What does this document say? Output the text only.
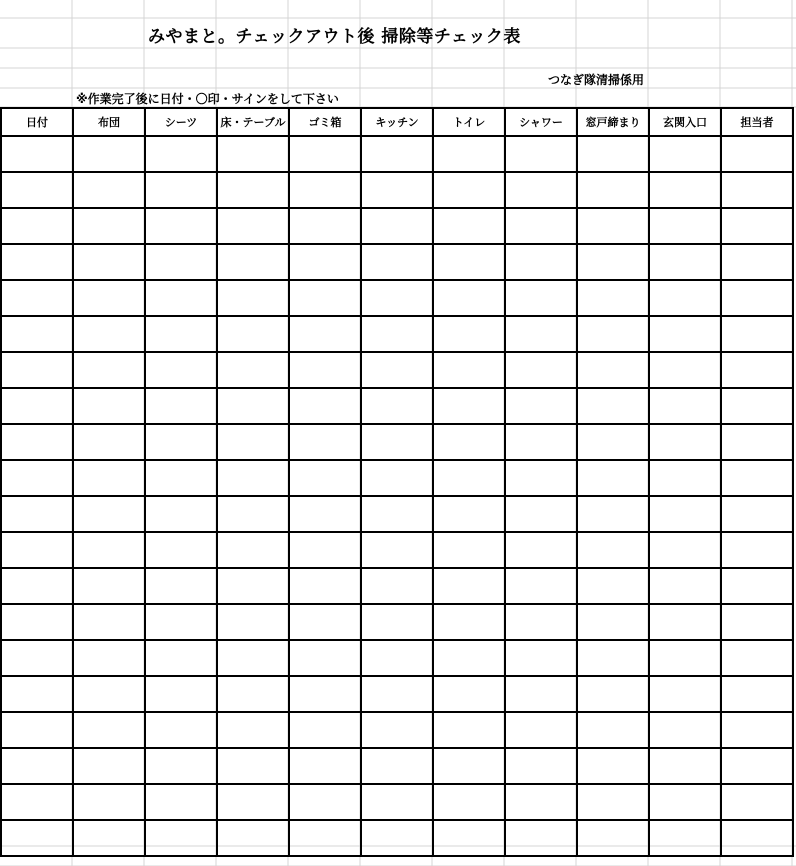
みやまと。チェックアウト後 掃除等チェック表
つなぎ隊清掃係用
※作業完了後に日付・〇印・サインをして下さい
日付	布団	シーツ	床・テーブル	ゴミ箱	キッチン	トイレ	シャワー	窓戸締まり	玄関入口	担当者
